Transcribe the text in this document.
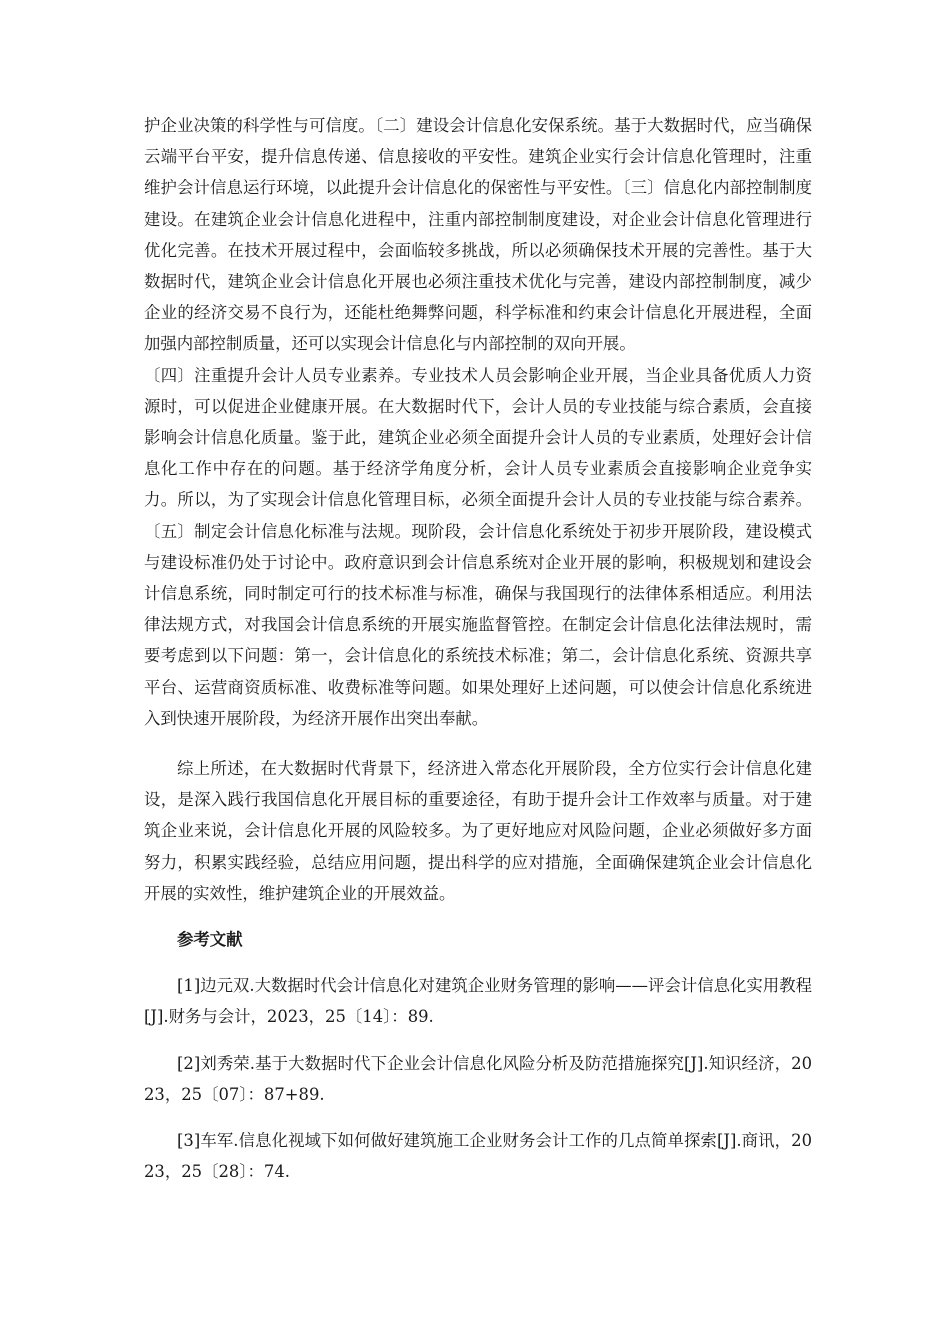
护企业决策的科学性与可信度。〔二〕建设会计信息化安保系统。基于大数据时代，应当确保云端平台平安，提升信息传递、信息接收的平安性。建筑企业实行会计信息化管理时，注重维护会计信息运行环境，以此提升会计信息化的保密性与平安性。〔三〕信息化内部控制制度建设。在建筑企业会计信息化进程中，注重内部控制制度建设，对企业会计信息化管理进行优化完善。在技术开展过程中，会面临较多挑战，所以必须确保技术开展的完善性。基于大数据时代，建筑企业会计信息化开展也必须注重技术优化与完善，建设内部控制制度，减少企业的经济交易不良行为，还能杜绝舞弊问题，科学标准和约束会计信息化开展进程，全面加强内部控制质量，还可以实现会计信息化与内部控制的双向开展。

〔四〕注重提升会计人员专业素养。专业技术人员会影响企业开展，当企业具备优质人力资源时，可以促进企业健康开展。在大数据时代下，会计人员的专业技能与综合素质，会直接影响会计信息化质量。鉴于此，建筑企业必须全面提升会计人员的专业素质，处理好会计信息化工作中存在的问题。基于经济学角度分析，会计人员专业素质会直接影响企业竞争实力。所以，为了实现会计信息化管理目标，必须全面提升会计人员的专业技能与综合素养。〔五〕制定会计信息化标准与法规。现阶段，会计信息化系统处于初步开展阶段，建设模式与建设标准仍处于讨论中。政府意识到会计信息系统对企业开展的影响，积极规划和建设会计信息系统，同时制定可行的技术标准与标准，确保与我国现行的法律体系相适应。利用法律法规方式，对我国会计信息系统的开展实施监督管控。在制定会计信息化法律法规时，需要考虑到以下问题：第一，会计信息化的系统技术标准；第二，会计信息化系统、资源共享平台、运营商资质标准、收费标准等问题。如果处理好上述问题，可以使会计信息化系统进入到快速开展阶段，为经济开展作出突出奉献。

综上所述，在大数据时代背景下，经济进入常态化开展阶段，全方位实行会计信息化建设，是深入践行我国信息化开展目标的重要途径，有助于提升会计工作效率与质量。对于建筑企业来说，会计信息化开展的风险较多。为了更好地应对风险问题，企业必须做好多方面努力，积累实践经验，总结应用问题，提出科学的应对措施，全面确保建筑企业会计信息化开展的实效性，维护建筑企业的开展效益。

参考文献

[1]边元双.大数据时代会计信息化对建筑企业财务管理的影响——评会计信息化实用教程[J].财务与会计，2023，25〔14〕：89.

[2]刘秀荣.基于大数据时代下企业会计信息化风险分析及防范措施探究[J].知识经济，2023，25〔07〕：87+89.

[3]车军.信息化视域下如何做好建筑施工企业财务会计工作的几点简单探索[J].商讯，2023，25〔28〕：74.
